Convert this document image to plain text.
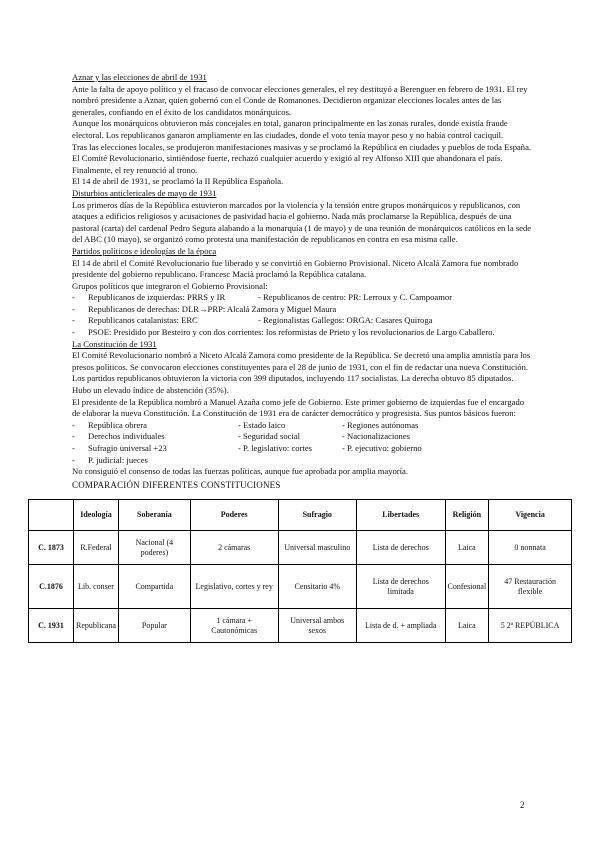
Aznar y las elecciones de abril de 1931

Ante la falta de apoyo político y el fracaso de convocar elecciones generales, el rey destituyó a Berenguer en febrero de 1931. El rey nombró presidente a Aznar, quien gobernó con el Conde de Romanones. Decidieron organizar elecciones locales antes de las generales, confiando en el éxito de los candidatos monárquicos.

Aunque los monárquicos obtuvieron más concejales en total, ganaron principalmente en las zonas rurales, donde existía fraude electoral. Los republicanos ganaron ampliamente en las ciudades, donde el voto tenía mayor peso y no había control caciquil.

Tras las elecciones locales, se produjeron manifestaciones masivas y se proclamó la República en ciudades y pueblos de toda España. El Comité Revolucionario, sintiéndose fuerte, rechazó cualquier acuerdo y exigió al rey Alfonso XIII que abandonara el país. Finalmente, el rey renunció al trono.

El 14 de abril de 1931, se proclamó la II República Española.

Disturbios anticlericales de mayo de 1931

Los primeros días de la República estuvieron marcados por la violencia y la tensión entre grupos monárquicos y republicanos, con ataques a edificios religiosos y acusaciones de pasividad hacia el gobierno. Nada más proclamarse la República, después de una pastoral (carta) del cardenal Pedro Segura alabando a la monarquía (1 de mayo) y de una reunión de monárquicos católicos en la sede del ABC (10 mayo), se organizó como protesta una manifestación de republicanos en contra en esa misma calle.

Partidos políticos e ideologías de la época

El 14 de abril el Comité Revolucionario fue liberado y se convirtió en Gobierno Provisional. Niceto Alcalá Zamora fue nombrado presidente del gobierno republicano. Francesc Macià proclamó la República catalana.

Grupos políticos que integraron el Gobierno Provisional:

- Republicanos de izquierdas: PRRS y IR	- Republicanos de centro: PR: Lerroux y C. Campoamor
- Republicanos de derechas: DLR→PRP: Alcalá Zamora y Miguel Maura
- Republicanos catalanistas: ERC	- Regionalistas Gallegos: ORGA: Casares Quiroga
- PSOE: Presidido por Besteiro y con dos corrientes: los reformistas de Prieto y los revolucionarios de Largo Caballero.

La Constitución de 1931

El Comité Revolucionario nombró a Niceto Alcalá Zamora como presidente de la República. Se decretó una amplia amnistía para los presos políticos. Se convocaron elecciones constituyentes para el 28 de junio de 1931, con el fin de redactar una nueva Constitución.

Los partidos republicanos obtuvieron la victoria con 399 diputados, incluyendo 117 socialistas. La derecha obtuvo 85 diputados. Hubo un elevado índice de abstención (35%).

El presidente de la República nombró a Manuel Azaña como jefe de Gobierno. Este primer gobierno de izquierdas fue el encargado de elaborar la nueva Constitución. La Constitución de 1931 era de carácter democrático y progresista. Sus puntos básicos fueron:

- República obrera	- Estado laico	- Regiones autónomas
- Derechos individuales	- Seguridad social	- Nacionalizaciones
- Sufragio universal +23	- P. legislativo: cortes	- P. ejecutivo: gobierno
- P. judicial: jueces

No consiguió el consenso de todas las fuerzas políticas, aunque fue aprobada por amplia mayoría.

COMPARACIÓN DIFERENTES CONSTITUCIONES

	Ideología	Soberanía	Poderes	Sufragio	Libertades	Religión	Vigencia
C. 1873	R.Federal	Nacional (4 poderes)	2 cámaras	Universal masculino	Lista de derechos	Laica	0 nonnata
C.1876	Lib. conser	Compartida	Legislativo, cortes y rey	Censitario 4%	Lista de derechos limitada	Confesional	47 Restauración flexible
C. 1931	Republicana	Popular	1 cámara + Cautonómicas	Universal ambos sexos	Lista de d. + ampliada	Laica	5 2ª REPÚBLICA
2
